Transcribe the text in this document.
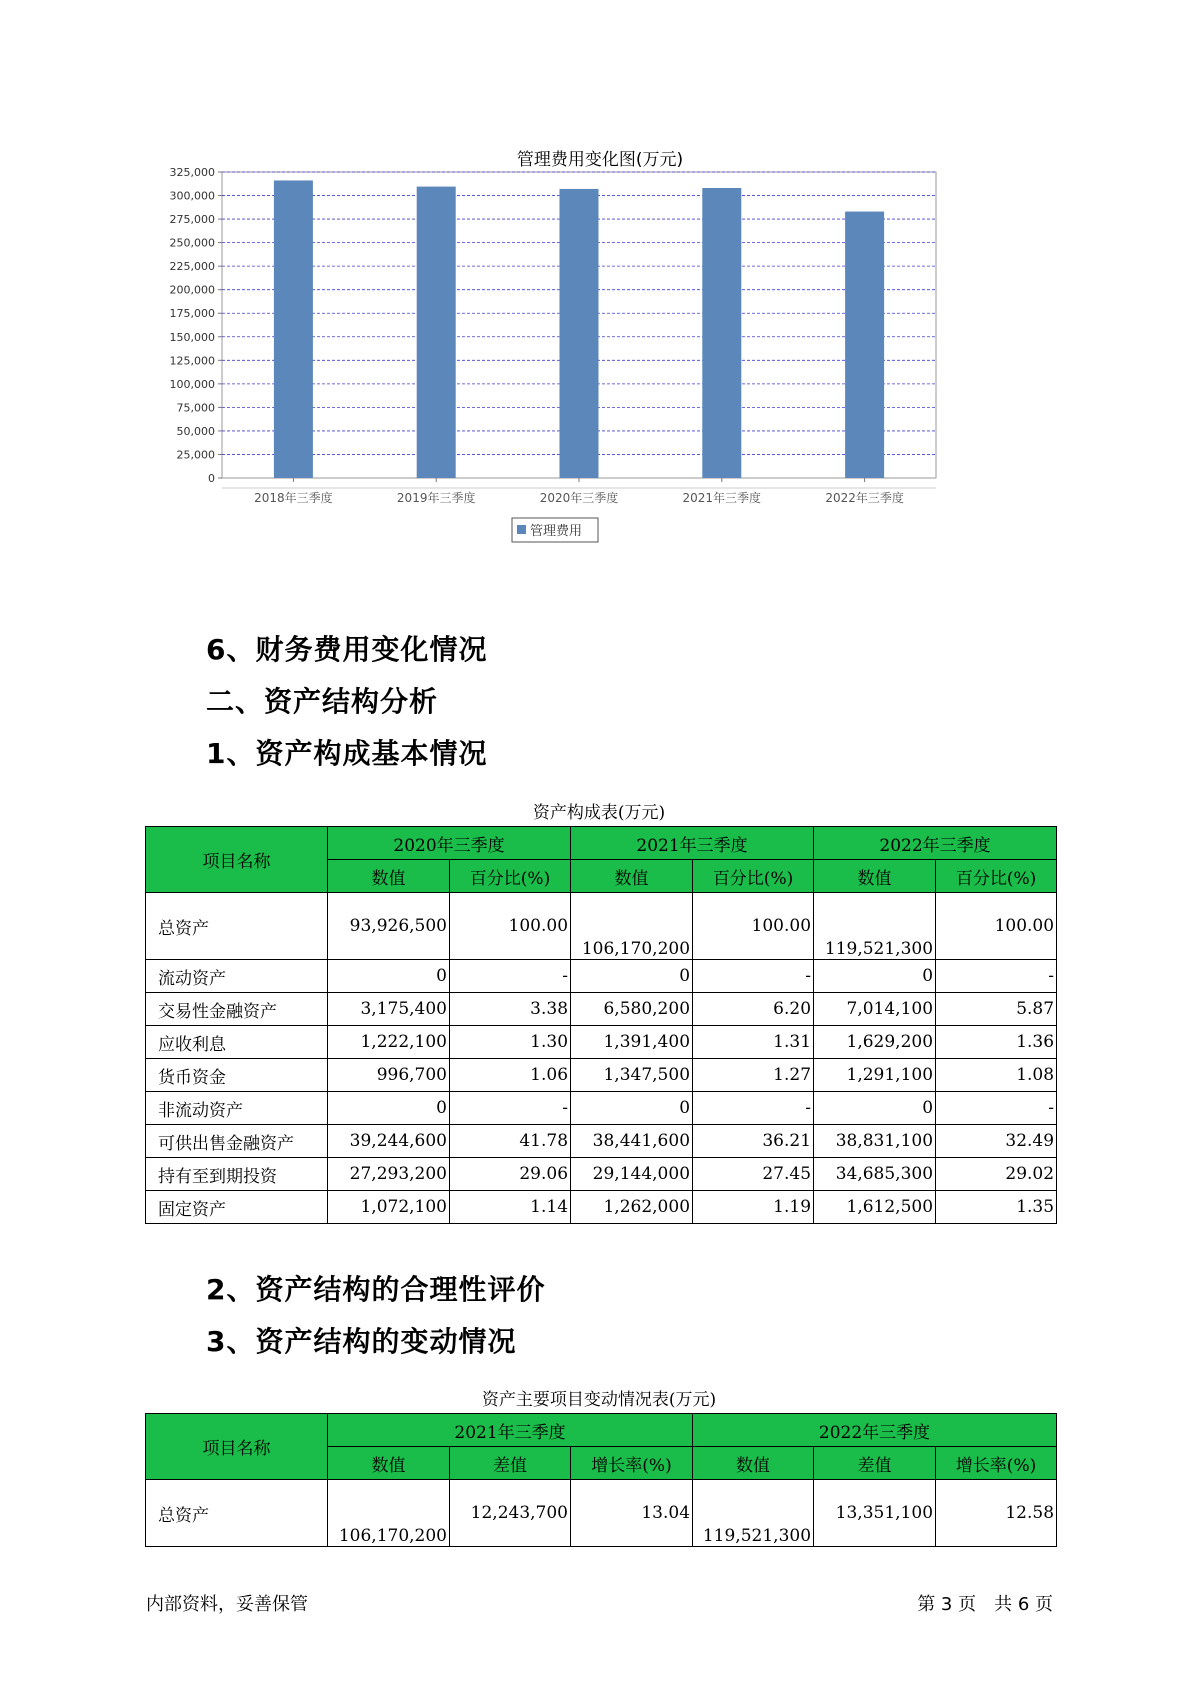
管理费用变化图(万元)
0
25,000
50,000
75,000
100,000
125,000
150,000
175,000
200,000
225,000
250,000
275,000
300,000
325,000
2018年三季度	2019年三季度	2020年三季度	2021年三季度	2022年三季度
管理费用
6、财务费用变化情况
二、资产结构分析
1、资产构成基本情况
资产构成表(万元)
项目名称	2020年三季度		2021年三季度		2022年三季度	
	数值	百分比(%)	数值	百分比(%)	数值	百分比(%)
总资产	93,926,500	100.00	106,170,200	100.00	119,521,300	100.00
流动资产	0	-	0	-	0	-
交易性金融资产	3,175,400	3.38	6,580,200	6.20	7,014,100	5.87
应收利息	1,222,100	1.30	1,391,400	1.31	1,629,200	1.36
货币资金	996,700	1.06	1,347,500	1.27	1,291,100	1.08
非流动资产	0	-	0	-	0	-
可供出售金融资产	39,244,600	41.78	38,441,600	36.21	38,831,100	32.49
持有至到期投资	27,293,200	29.06	29,144,000	27.45	34,685,300	29.02
固定资产	1,072,100	1.14	1,262,000	1.19	1,612,500	1.35
2、资产结构的合理性评价
3、资产结构的变动情况
资产主要项目变动情况表(万元)
项目名称	2021年三季度			2022年三季度		
	数值	差值	增长率(%)	数值	差值	增长率(%)
总资产	106,170,200	12,243,700	13.04	119,521,300	13,351,100	12.58
内部资料，妥善保管	第 3 页　共 6 页
